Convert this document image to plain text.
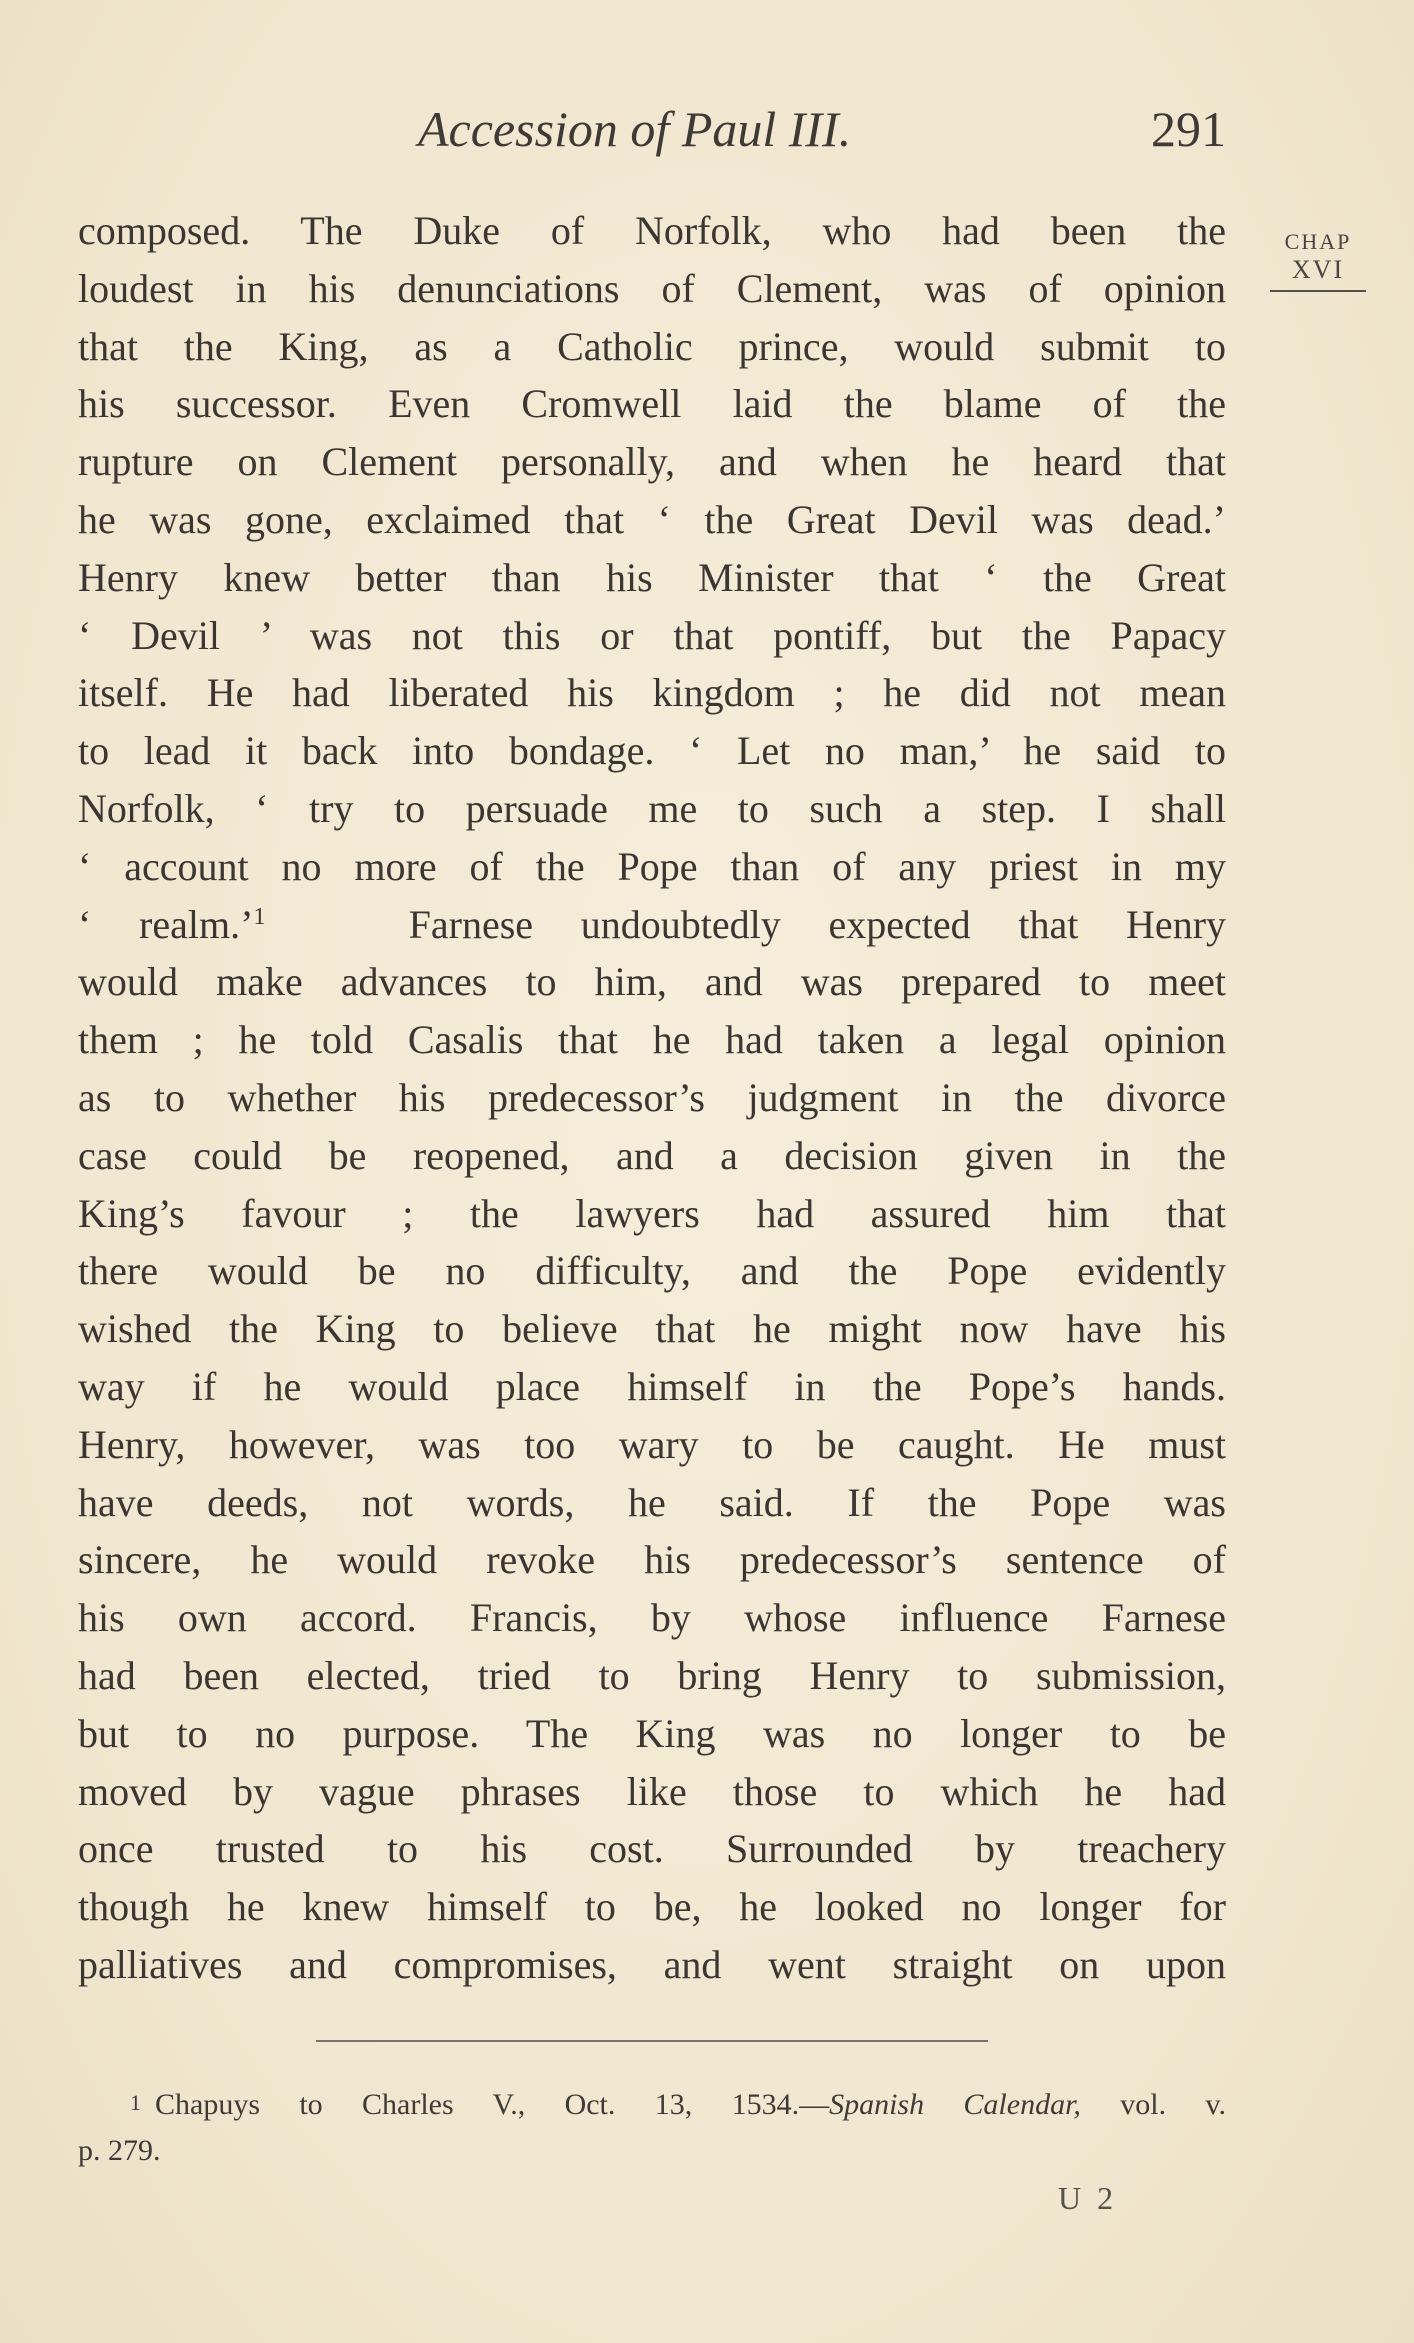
Accession of Paul III.	291
CHAP
XVI
composed. The Duke of Norfolk, who had been the
loudest in his denunciations of Clement, was of opinion
that the King, as a Catholic prince, would submit to
his successor. Even Cromwell laid the blame of the
rupture on Clement personally, and when he heard that
he was gone, exclaimed that ‘ the Great Devil was dead.’
Henry knew better than his Minister that ‘ the Great
‘ Devil ’ was not this or that pontiff, but the Papacy
itself. He had liberated his kingdom ; he did not mean
to lead it back into bondage. ‘ Let no man,’ he said to
Norfolk, ‘ try to persuade me to such a step. I shall
‘ account no more of the Pope than of any priest in my
‘ realm.’$^1$	Farnese undoubtedly expected that Henry
would make advances to him, and was prepared to meet
them ; he told Casalis that he had taken a legal opinion
as to whether his predecessor’s judgment in the divorce
case could be reopened, and a decision given in the
King’s favour ; the lawyers had assured him that
there would be no difficulty, and the Pope evidently
wished the King to believe that he might now have his
way if he would place himself in the Pope’s hands.
Henry, however, was too wary to be caught. He must
have deeds, not words, he said. If the Pope was
sincere, he would revoke his predecessor’s sentence of
his own accord. Francis, by whose influence Farnese
had been elected, tried to bring Henry to submission,
but to no purpose. The King was no longer to be
moved by vague phrases like those to which he had
once trusted to his cost. Surrounded by treachery
though he knew himself to be, he looked no longer for
palliatives and compromises, and went straight on upon
1 Chapuys to Charles V., Oct. 13, 1534.—Spanish Calendar, vol. v.
p. 279.
U 2
